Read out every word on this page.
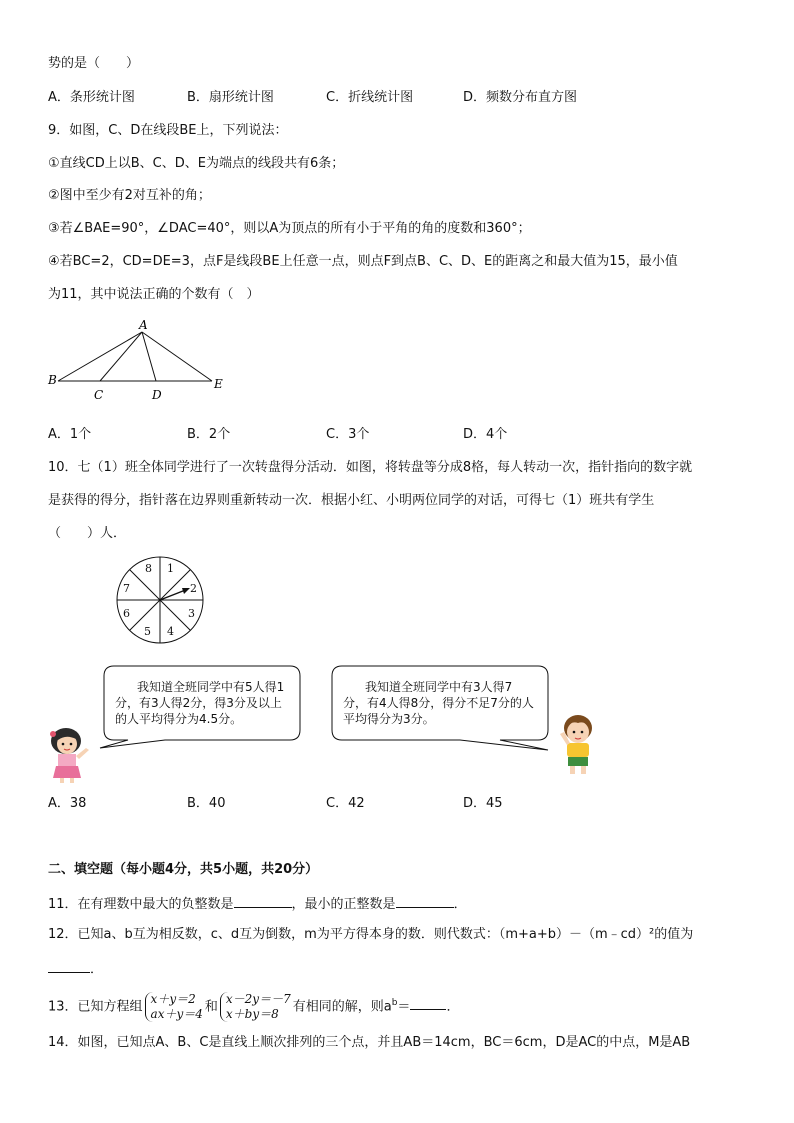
势的是（　　）
A．条形统计图	B．扇形统计图	C．折线统计图	D．频数分布直方图
9．如图，C、D在线段BE上，下列说法：
①直线CD上以B、C、D、E为端点的线段共有6条；
②图中至少有2对互补的角；
③若∠BAE=90°，∠DAC=40°，则以A为顶点的所有小于平角的角的度数和360°；
④若BC=2，CD=DE=3，点F是线段BE上任意一点，则点F到点B、C、D、E的距离之和最大值为15，最小值
为11，其中说法正确的个数有（　）
A
B
C	D
E
A．1个	B．2个	C．3个	D．4个
10．七（1）班全体同学进行了一次转盘得分活动．如图，将转盘等分成8格，每人转动一次，指针指向的数字就
是获得的得分，指针落在边界则重新转动一次．根据小红、小明两位同学的对话，可得七（1）班共有学生
（　　）人．
1
2
3
4
5
6
7
8
我知道全班同学中有5人得1
分，有3人得2分，得3分及以上
的人平均得分为4.5分。
我知道全班同学中有3人得7
分，有4人得8分，得分不足7分的人
平均得分为3分。
A．38	B．40	C．42	D．45
二、填空题（每小题4分，共5小题，共20分）
11．在有理数中最大的负整数是	，最小的正整数是	．
12．已知a、b互为相反数，c、d互为倒数，m为平方得本身的数．则代数式：（m+a+b）－（m﹣cd）²的值为
．
13．已知方程组
x＋y＝2
ax＋y＝4 和
x－2y＝－7
x＋by＝8	有相同的解，则$a^b=$	．
14．如图，已知点A、B、C是直线上顺次排列的三个点，并且AB＝14cm，BC＝6cm，D是AC的中点，M是AB
